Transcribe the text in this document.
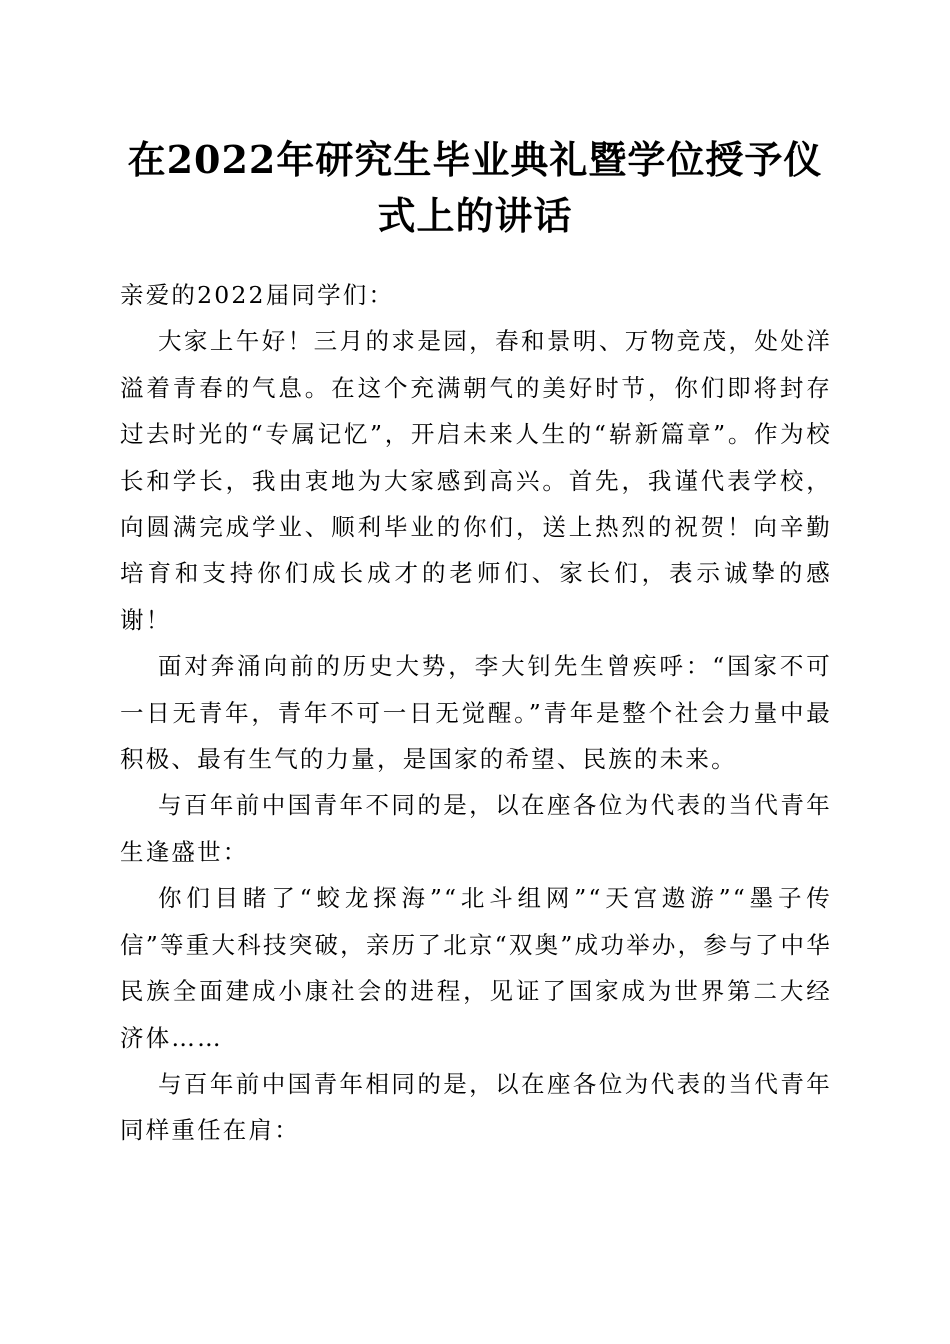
在2022年研究生毕业典礼暨学位授予仪式上的讲话

亲爱的2022届同学们：

大家上午好！三月的求是园，春和景明、万物竞茂，处处洋溢着青春的气息。在这个充满朝气的美好时节，你们即将封存过去时光的“专属记忆”，开启未来人生的“崭新篇章”。作为校长和学长，我由衷地为大家感到高兴。首先，我谨代表学校，向圆满完成学业、顺利毕业的你们，送上热烈的祝贺！向辛勤培育和支持你们成长成才的老师们、家长们，表示诚挚的感谢！

面对奔涌向前的历史大势，李大钊先生曾疾呼：“国家不可一日无青年，青年不可一日无觉醒。”青年是整个社会力量中最积极、最有生气的力量，是国家的希望、民族的未来。

与百年前中国青年不同的是，以在座各位为代表的当代青年生逢盛世：

你们目睹了“蛟龙探海”“北斗组网”“天宫遨游”“墨子传信”等重大科技突破，亲历了北京“双奥”成功举办，参与了中华民族全面建成小康社会的进程，见证了国家成为世界第二大经济体……

与百年前中国青年相同的是，以在座各位为代表的当代青年同样重任在肩：
